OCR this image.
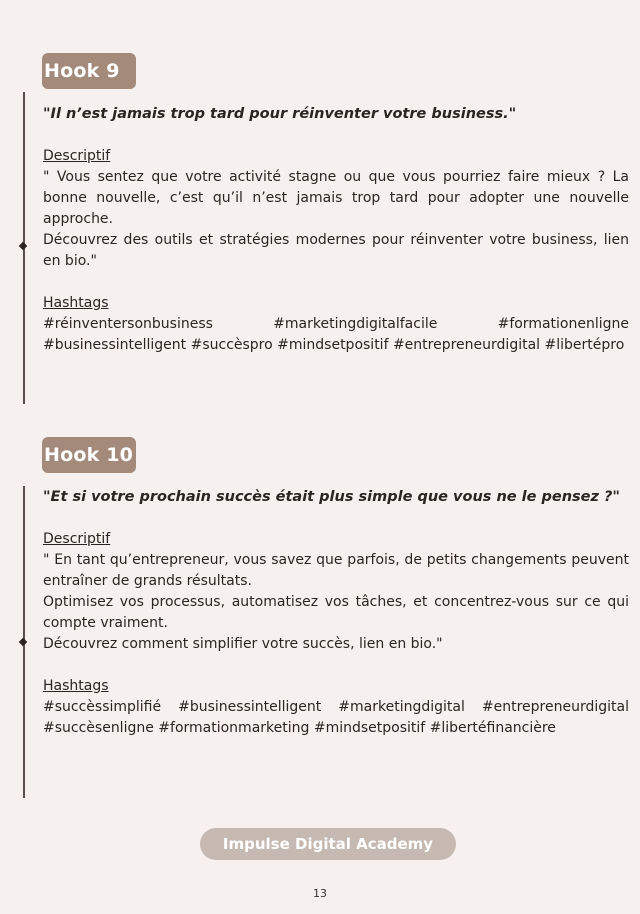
Hook 9

"Il n’est jamais trop tard pour réinventer votre business."

Descriptif

" Vous sentez que votre activité stagne ou que vous pourriez faire mieux ? La bonne nouvelle, c’est qu’il n’est jamais trop tard pour adopter une nouvelle approche.

Découvrez des outils et stratégies modernes pour réinventer votre business, lien en bio."

Hashtags

#réinventersonbusiness #marketingdigitalfacile #formationenligne #businessintelligent #succèspro #mindsetpositif #entrepreneurdigital #libertépro

Hook 10

"Et si votre prochain succès était plus simple que vous ne le pensez ?"

Descriptif

" En tant qu’entrepreneur, vous savez que parfois, de petits changements peuvent entraîner de grands résultats.

Optimisez vos processus, automatisez vos tâches, et concentrez-vous sur ce qui compte vraiment.

Découvrez comment simplifier votre succès, lien en bio."

Hashtags

#succèssimplifié #businessintelligent #marketingdigital #entrepreneurdigital #succèsenligne #formationmarketing #mindsetpositif #libertéfinancière

Impulse Digital Academy
13
